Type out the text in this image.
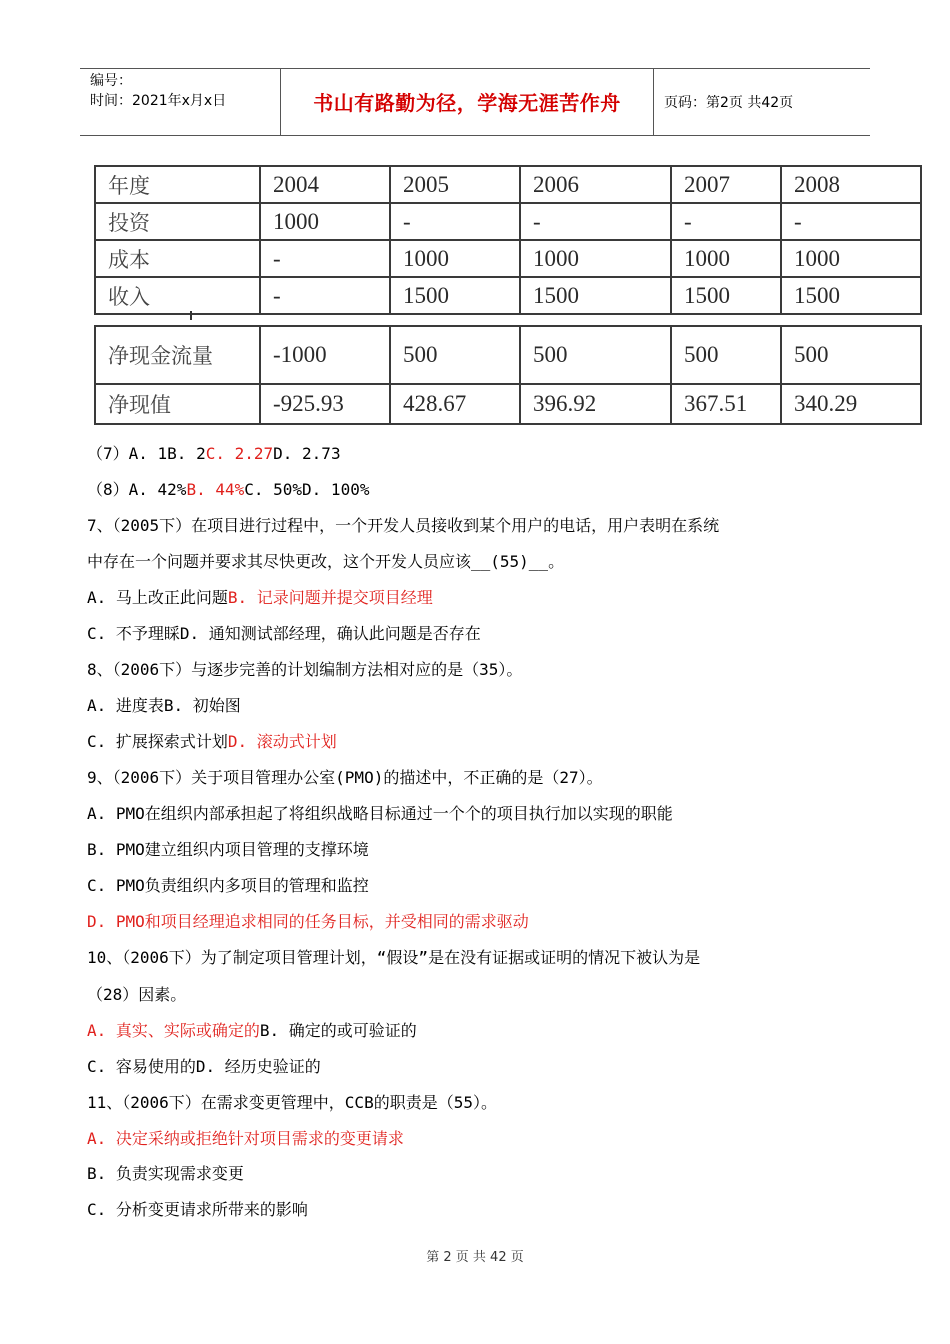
编号：
时间：2021年x月x日	书山有路勤为径，学海无涯苦作舟	页码：第2页 共42页
年度	2004	2005	2006	2007	2008
投资	1000	-	-	-	-
成本	-	1000	1000	1000	1000
收入	-	1500	1500	1500	1500

净现金流量	-1000	500	500	500	500
净现值	-925.93	428.67	396.92	367.51	340.29
（7）A. 1B. 2C. 2.27D. 2.73
（8）A. 42%B. 44%C. 50%D. 100%
7、（2005下）在项目进行过程中，一个开发人员接收到某个用户的电话，用户表明在系统
中存在一个问题并要求其尽快更改，这个开发人员应该__(55)__。
A. 马上改正此问题B. 记录问题并提交项目经理
C. 不予理睬D. 通知测试部经理，确认此问题是否存在
8、（2006下）与逐步完善的计划编制方法相对应的是（35）。
A. 进度表B. 初始图
C. 扩展探索式计划D. 滚动式计划
9、（2006下）关于项目管理办公室(PMO)的描述中，不正确的是（27）。
A. PMO在组织内部承担起了将组织战略目标通过一个个的项目执行加以实现的职能
B. PMO建立组织内项目管理的支撑环境
C. PMO负责组织内多项目的管理和监控
D. PMO和项目经理追求相同的任务目标，并受相同的需求驱动
10、（2006下）为了制定项目管理计划，“假设”是在没有证据或证明的情况下被认为是
（28）因素。
A. 真实、实际或确定的B. 确定的或可验证的
C. 容易使用的D. 经历史验证的
11、（2006下）在需求变更管理中，CCB的职责是（55）。
A. 决定采纳或拒绝针对项目需求的变更请求
B. 负责实现需求变更
C. 分析变更请求所带来的影响
第 2 页 共 42 页
